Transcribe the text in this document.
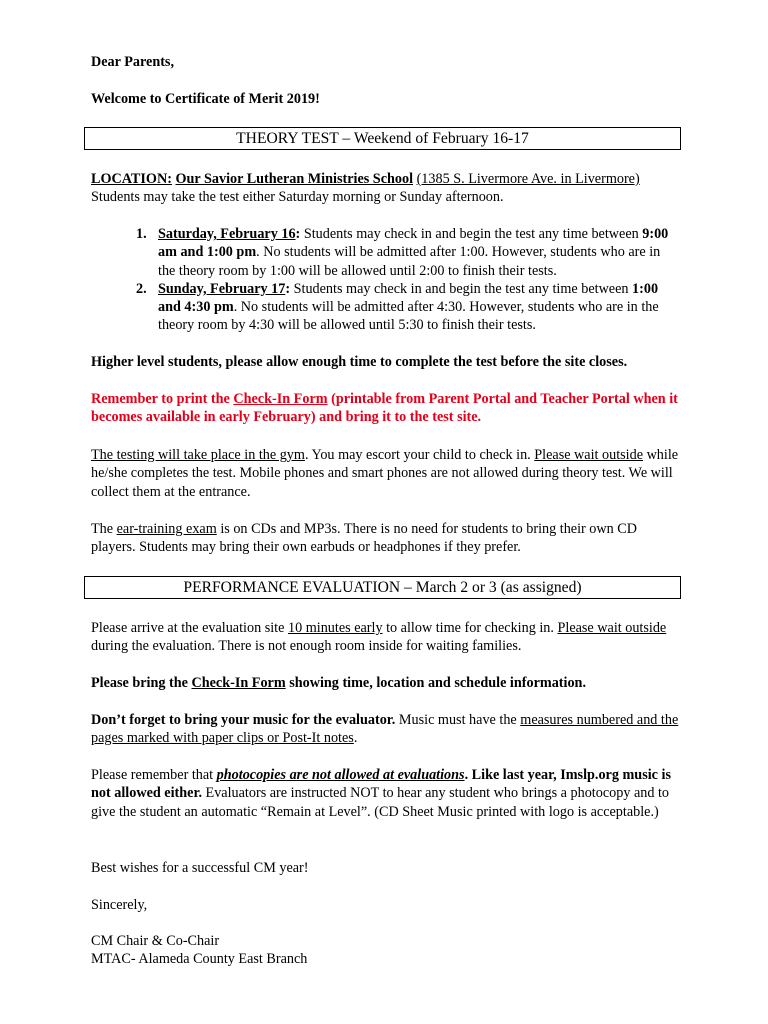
Dear Parents,

Welcome to Certificate of Merit 2019!

THEORY TEST – Weekend of February 16-17
LOCATION: Our Savior Lutheran Ministries School (1385 S. Livermore Ave. in Livermore)
Students may take the test either Saturday morning or Sunday afternoon.
1. Saturday, February 16: Students may check in and begin the test any time between 9:00 am and 1:00 pm. No students will be admitted after 1:00. However, students who are in the theory room by 1:00 will be allowed until 2:00 to finish their tests.
2. Sunday, February 17: Students may check in and begin the test any time between 1:00 and 4:30 pm. No students will be admitted after 4:30. However, students who are in the theory room by 4:30 will be allowed until 5:30 to finish their tests.

Higher level students, please allow enough time to complete the test before the site closes.

Remember to print the Check-In Form (printable from Parent Portal and Teacher Portal when it becomes available in early February) and bring it to the test site.

The testing will take place in the gym. You may escort your child to check in. Please wait outside while he/she completes the test. Mobile phones and smart phones are not allowed during theory test. We will collect them at the entrance.

The ear-training exam is on CDs and MP3s. There is no need for students to bring their own CD players. Students may bring their own earbuds or headphones if they prefer.

PERFORMANCE EVALUATION – March 2 or 3 (as assigned)

Please arrive at the evaluation site 10 minutes early to allow time for checking in. Please wait outside during the evaluation. There is not enough room inside for waiting families.

Please bring the Check-In Form showing time, location and schedule information.

Don’t forget to bring your music for the evaluator. Music must have the measures numbered and the pages marked with paper clips or Post-It notes.

Please remember that photocopies are not allowed at evaluations. Like last year, Imslp.org music is not allowed either. Evaluators are instructed NOT to hear any student who brings a photocopy and to give the student an automatic “Remain at Level”. (CD Sheet Music printed with logo is acceptable.)

Best wishes for a successful CM year!

Sincerely,

CM Chair & Co-Chair

MTAC- Alameda County East Branch
